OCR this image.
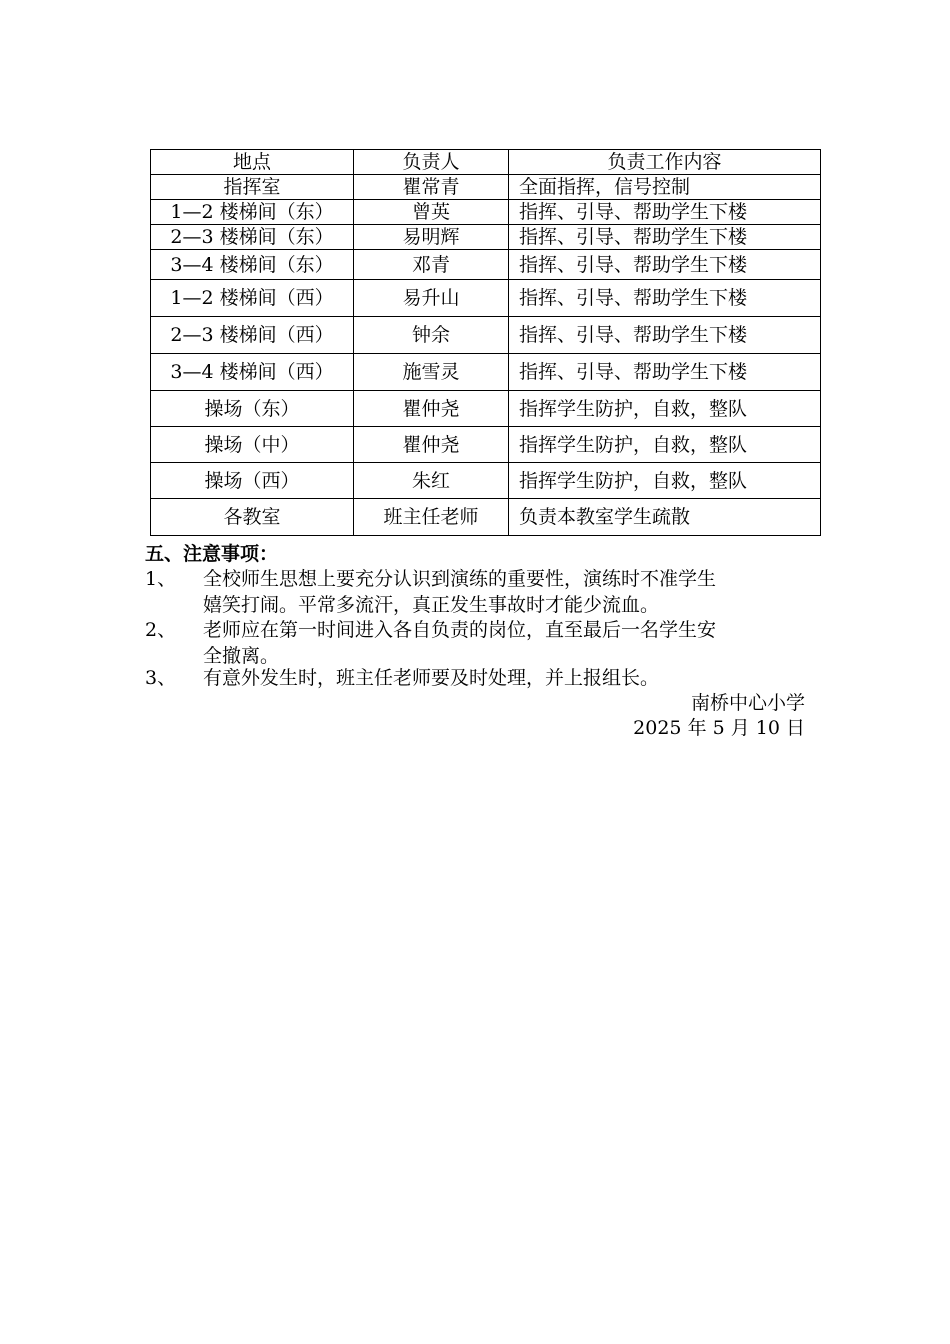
地点	负责人	负责工作内容
指挥室	瞿常青	全面指挥，信号控制
1—2 楼梯间（东）	曾英	指挥、引导、帮助学生下楼
2—3 楼梯间（东）	易明辉	指挥、引导、帮助学生下楼
3—4 楼梯间（东）	邓青	指挥、引导、帮助学生下楼
1—2 楼梯间（西）	易升山	指挥、引导、帮助学生下楼
2—3 楼梯间（西）	钟余	指挥、引导、帮助学生下楼
3—4 楼梯间（西）	施雪灵	指挥、引导、帮助学生下楼
操场（东）	瞿仲尧	指挥学生防护，自救，整队
操场（中）	瞿仲尧	指挥学生防护，自救，整队
操场（西）	朱红	指挥学生防护，自救，整队
各教室	班主任老师	负责本教室学生疏散
五、注意事项：
1、 全校师生思想上要充分认识到演练的重要性，演练时不准学生
嬉笑打闹。平常多流汗，真正发生事故时才能少流血。
2、 老师应在第一时间进入各自负责的岗位，直至最后一名学生安
全撤离。
3、 有意外发生时，班主任老师要及时处理，并上报组长。
南桥中心小学
2025 年 5 月 10 日
